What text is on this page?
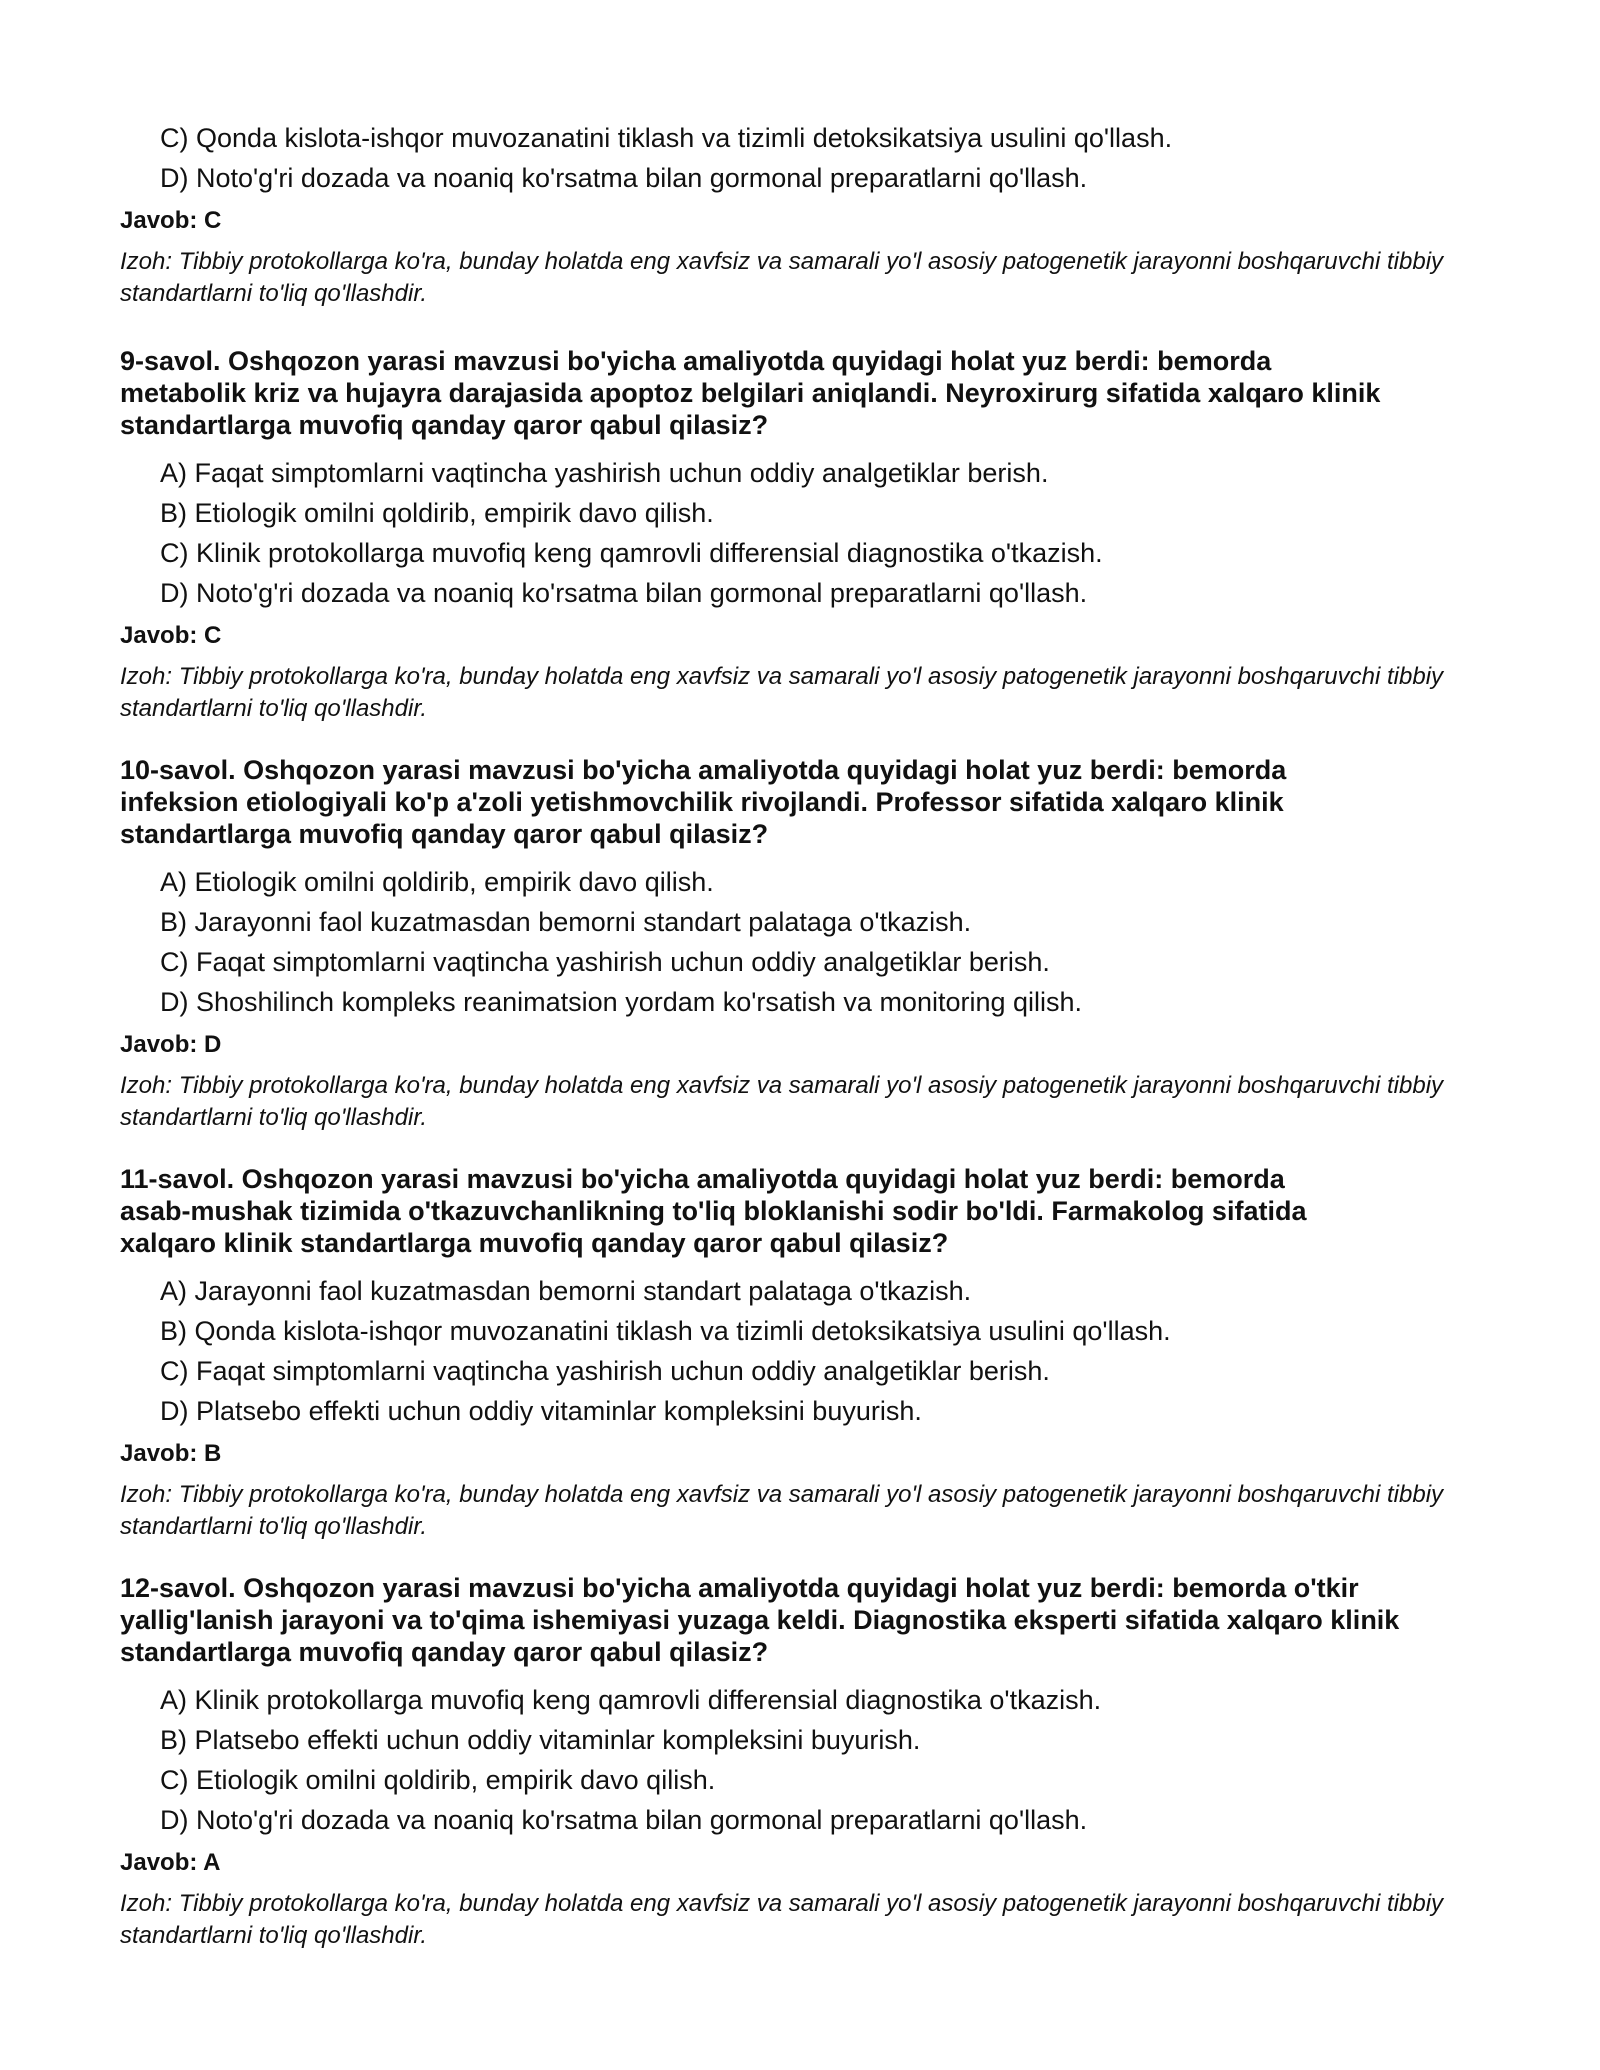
C) Qonda kislota-ishqor muvozanatini tiklash va tizimli detoksikatsiya usulini qo'llash.
D) Noto'g'ri dozada va noaniq ko'rsatma bilan gormonal preparatlarni qo'llash.
Javob: C
Izoh: Tibbiy protokollarga ko'ra, bunday holatda eng xavfsiz va samarali yo'l asosiy patogenetik jarayonni boshqaruvchi tibbiy standartlarni to'liq qo'llashdir.
9-savol. Oshqozon yarasi mavzusi bo'yicha amaliyotda quyidagi holat yuz berdi: bemorda
metabolik kriz va hujayra darajasida apoptoz belgilari aniqlandi. Neyroxirurg sifatida xalqaro klinik
standartlarga muvofiq qanday qaror qabul qilasiz?
A) Faqat simptomlarni vaqtincha yashirish uchun oddiy analgetiklar berish.
B) Etiologik omilni qoldirib, empirik davo qilish.
C) Klinik protokollarga muvofiq keng qamrovli differensial diagnostika o'tkazish.
D) Noto'g'ri dozada va noaniq ko'rsatma bilan gormonal preparatlarni qo'llash.
Javob: C
Izoh: Tibbiy protokollarga ko'ra, bunday holatda eng xavfsiz va samarali yo'l asosiy patogenetik jarayonni boshqaruvchi tibbiy standartlarni to'liq qo'llashdir.
10-savol. Oshqozon yarasi mavzusi bo'yicha amaliyotda quyidagi holat yuz berdi: bemorda
infeksion etiologiyali ko'p a'zoli yetishmovchilik rivojlandi. Professor sifatida xalqaro klinik
standartlarga muvofiq qanday qaror qabul qilasiz?
A) Etiologik omilni qoldirib, empirik davo qilish.
B) Jarayonni faol kuzatmasdan bemorni standart palataga o'tkazish.
C) Faqat simptomlarni vaqtincha yashirish uchun oddiy analgetiklar berish.
D) Shoshilinch kompleks reanimatsion yordam ko'rsatish va monitoring qilish.
Javob: D
Izoh: Tibbiy protokollarga ko'ra, bunday holatda eng xavfsiz va samarali yo'l asosiy patogenetik jarayonni boshqaruvchi tibbiy standartlarni to'liq qo'llashdir.
11-savol. Oshqozon yarasi mavzusi bo'yicha amaliyotda quyidagi holat yuz berdi: bemorda
asab-mushak tizimida o'tkazuvchanlikning to'liq bloklanishi sodir bo'ldi. Farmakolog sifatida
xalqaro klinik standartlarga muvofiq qanday qaror qabul qilasiz?
A) Jarayonni faol kuzatmasdan bemorni standart palataga o'tkazish.
B) Qonda kislota-ishqor muvozanatini tiklash va tizimli detoksikatsiya usulini qo'llash.
C) Faqat simptomlarni vaqtincha yashirish uchun oddiy analgetiklar berish.
D) Platsebo effekti uchun oddiy vitaminlar kompleksini buyurish.
Javob: B
Izoh: Tibbiy protokollarga ko'ra, bunday holatda eng xavfsiz va samarali yo'l asosiy patogenetik jarayonni boshqaruvchi tibbiy standartlarni to'liq qo'llashdir.
12-savol. Oshqozon yarasi mavzusi bo'yicha amaliyotda quyidagi holat yuz berdi: bemorda o'tkir
yallig'lanish jarayoni va to'qima ishemiyasi yuzaga keldi. Diagnostika eksperti sifatida xalqaro klinik
standartlarga muvofiq qanday qaror qabul qilasiz?
A) Klinik protokollarga muvofiq keng qamrovli differensial diagnostika o'tkazish.
B) Platsebo effekti uchun oddiy vitaminlar kompleksini buyurish.
C) Etiologik omilni qoldirib, empirik davo qilish.
D) Noto'g'ri dozada va noaniq ko'rsatma bilan gormonal preparatlarni qo'llash.
Javob: A
Izoh: Tibbiy protokollarga ko'ra, bunday holatda eng xavfsiz va samarali yo'l asosiy patogenetik jarayonni boshqaruvchi tibbiy standartlarni to'liq qo'llashdir.
